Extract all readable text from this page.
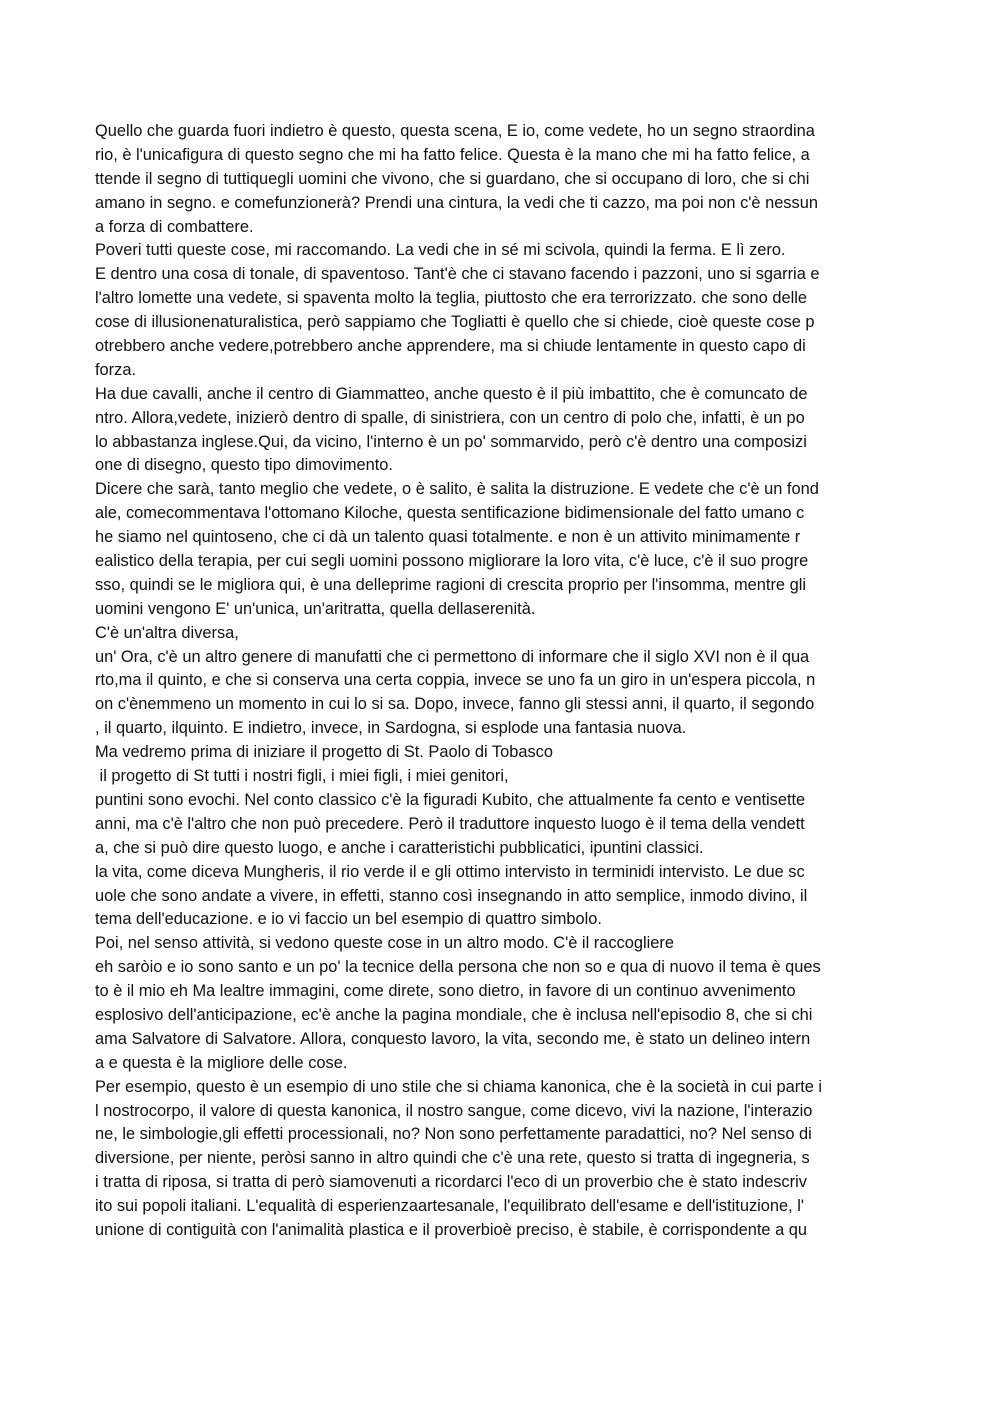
Quello che guarda fuori indietro è questo, questa scena, E io, come vedete, ho un segno straordina
rio, è l'unicafigura di questo segno che mi ha fatto felice. Questa è la mano che mi ha fatto felice, a
ttende il segno di tuttiquegli uomini che vivono, che si guardano, che si occupano di loro, che si chi
amano in segno. e comefunzionerà? Prendi una cintura, la vedi che ti cazzo, ma poi non c'è nessun
a forza di combattere.
Poveri tutti queste cose, mi raccomando. La vedi che in sé mi scivola, quindi la ferma. E lì zero.
E dentro una cosa di tonale, di spaventoso. Tant'è che ci stavano facendo i pazzoni, uno si sgarria e
l'altro lomette una vedete, si spaventa molto la teglia, piuttosto che era terrorizzato. che sono delle
cose di illusionenaturalistica, però sappiamo che Togliatti è quello che si chiede, cioè queste cose p
otrebbero anche vedere,potrebbero anche apprendere, ma si chiude lentamente in questo capo di
forza.
Ha due cavalli, anche il centro di Giammatteo, anche questo è il più imbattito, che è comuncato de
ntro. Allora,vedete, inizierò dentro di spalle, di sinistriera, con un centro di polo che, infatti, è un po
lo abbastanza inglese.Qui, da vicino, l'interno è un po' sommarvido, però c'è dentro una composizi
one di disegno, questo tipo dimovimento.
Dicere che sarà, tanto meglio che vedete, o è salito, è salita la distruzione. E vedete che c'è un fond
ale, comecommentava l'ottomano Kiloche, questa sentificazione bidimensionale del fatto umano c
he siamo nel quintoseno, che ci dà un talento quasi totalmente. e non è un attivito minimamente r
ealistico della terapia, per cui segli uomini possono migliorare la loro vita, c'è luce, c'è il suo progre
sso, quindi se le migliora qui, è una delleprime ragioni di crescita proprio per l'insomma, mentre gli
uomini vengono E' un'unica, un'aritratta, quella dellaserenità.
C'è un'altra diversa,
un' Ora, c'è un altro genere di manufatti che ci permettono di informare che il siglo XVI non è il qua
rto,ma il quinto, e che si conserva una certa coppia, invece se uno fa un giro in un'espera piccola, n
on c'ènemmeno un momento in cui lo si sa. Dopo, invece, fanno gli stessi anni, il quarto, il segondo
, il quarto, ilquinto. E indietro, invece, in Sardogna, si esplode una fantasia nuova.
Ma vedremo prima di iniziare il progetto di St. Paolo di Tobasco
il progetto di St tutti i nostri figli, i miei figli, i miei genitori,
puntini sono evochi. Nel conto classico c'è la figuradi Kubito, che attualmente fa cento e ventisette
anni, ma c'è l'altro che non può precedere. Però il traduttore inquesto luogo è il tema della vendett
a, che si può dire questo luogo, e anche i caratteristichi pubblicatici, ipuntini classici.
la vita, come diceva Mungheris, il rio verde il e gli ottimo intervisto in terminidi intervisto. Le due sc
uole che sono andate a vivere, in effetti, stanno così insegnando in atto semplice, inmodo divino, il
tema dell'educazione. e io vi faccio un bel esempio di quattro simbolo.
Poi, nel senso attività, si vedono queste cose in un altro modo. C'è il raccogliere
eh saròio e io sono santo e un po' la tecnice della persona che non so e qua di nuovo il tema è ques
to è il mio eh Ma lealtre immagini, come direte, sono dietro, in favore di un continuo avvenimento
esplosivo dell'anticipazione, ec'è anche la pagina mondiale, che è inclusa nell'episodio 8, che si chi
ama Salvatore di Salvatore. Allora, conquesto lavoro, la vita, secondo me, è stato un delineo intern
a e questa è la migliore delle cose.
Per esempio, questo è un esempio di uno stile che si chiama kanonica, che è la società in cui parte i
l nostrocorpo, il valore di questa kanonica, il nostro sangue, come dicevo, vivi la nazione, l'interazio
ne, le simbologie,gli effetti processionali, no? Non sono perfettamente paradattici, no? Nel senso di
diversione, per niente, peròsi sanno in altro quindi che c'è una rete, questo si tratta di ingegneria, s
i tratta di riposa, si tratta di però siamovenuti a ricordarci l'eco di un proverbio che è stato indescriv
ito sui popoli italiani. L'equalità di esperienzaartesanale, l'equilibrato dell'esame e dell'istituzione, l'
unione di contiguità con l'animalità plastica e il proverbioè preciso, è stabile, è corrispondente a qu
